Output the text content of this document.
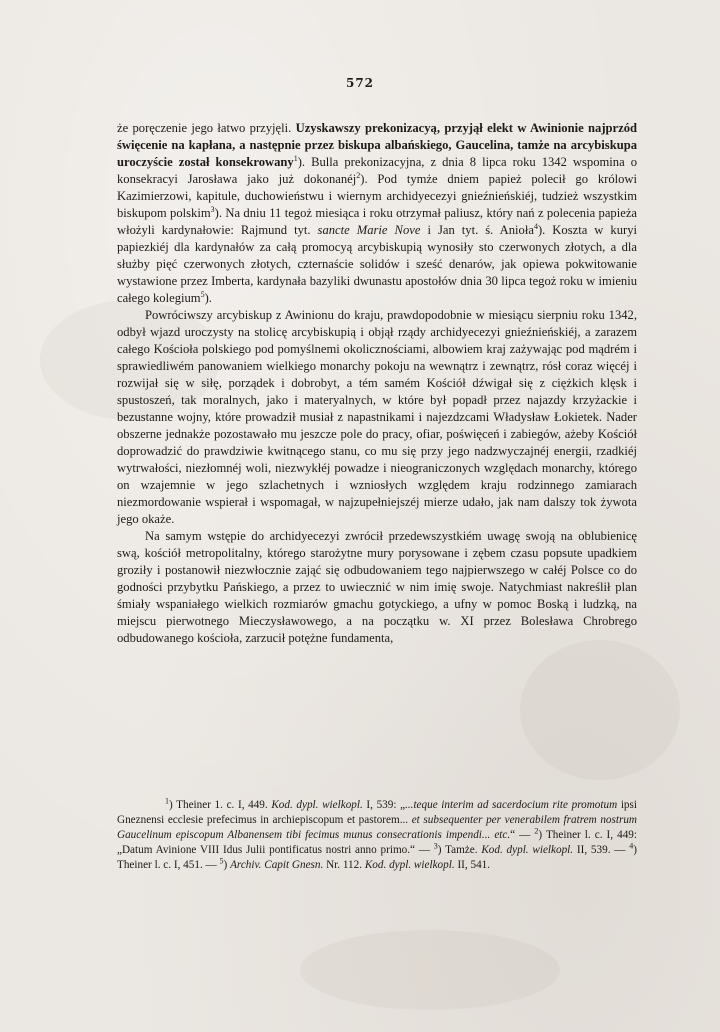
572

że poręczenie jego łatwo przyjęli. Uzyskawszy prekonizacyą, przyjął elekt w Awinionie najprzód święcenie na kapłana, a następnie przez biskupa albańskiego, Gaucelina, tamże na arcybiskupa uroczyście został konsekrowany$^1$). Bulla prekonizacyjna, z dnia 8 lipca roku 1342 wspomina o konsekracyi Jarosława jako już dokonanéj$^2$). Pod tymże dniem papież polecił go królowi Kazimierzowi, kapitule, duchowieństwu i wiernym archidyecezyi gnieźnieńskiéj, tudzież wszystkim biskupom polskim$^3$). Na dniu 11 tegoż miesiąca i roku otrzymał paliusz, który nań z polecenia papieża włożyli kardynałowie: Rajmund tyt. sancte Marie Nove i Jan tyt. ś. Anioła$^4$). Koszta w kuryi papiezkiéj dla kardynałów za całą promocyą arcybiskupią wynosiły sto czerwonych złotych, a dla służby pięć czerwonych złotych, czternaście solidów i sześć denarów, jak opiewa pokwitowanie wystawione przez Imberta, kardynała bazyliki dwunastu apostołów dnia 30 lipca tegoż roku w imieniu całego kolegium$^5$).

Powróciwszy arcybiskup z Awinionu do kraju, prawdopodobnie w miesiącu sierpniu roku 1342, odbył wjazd uroczysty na stolicę arcybiskupią i objął rządy archidyecezyi gnieźnieńskiéj, a zarazem całego Kościoła polskiego pod pomyślnemi okolicznościami, albowiem kraj zażywając pod mądrém i sprawiedliwém panowaniem wielkiego monarchy pokoju na wewnątrz i zewnątrz, rósł coraz więcéj i rozwijał się w siłę, porządek i dobrobyt, a tém samém Kościół dźwigał się z ciężkich klęsk i spustoszeń, tak moralnych, jako i materyalnych, w które był popadł przez najazdy krzyżackie i bezustanne wojny, które prowadził musiał z napastnikami i najezdzcami Władysław Łokietek. Nader obszerne jednakże pozostawało mu jeszcze pole do pracy, ofiar, poświęceń i zabiegów, ażeby Kościół doprowadzić do prawdziwie kwitnącego stanu, co mu się przy jego nadzwyczajnéj energii, rzadkiéj wytrwałości, niezłomnéj woli, niezwykłéj powadze i nieograniczonych względach monarchy, którego on wzajemnie w jego szlachetnych i wzniosłych względem kraju rodzinnego zamiarach niezmordowanie wspierał i wspomagał, w najzupełniejszéj mierze udało, jak nam dalszy tok żywota jego okaże.

Na samym wstępie do archidyecezyi zwrócił przedewszystkiém uwagę swoją na oblubienicę swą, kościół metropolitalny, którego starożytne mury porysowane i zębem czasu popsute upadkiem groziły i postanowił niezwłocznie zająć się odbudowaniem tego najpierwszego w całéj Polsce co do godności przybytku Pańskiego, a przez to uwiecznić w nim imię swoje. Natychmiast nakreślił plan śmiały wspaniałego wielkich rozmiarów gmachu gotyckiego, a ufny w pomoc Boską i ludzką, na miejscu pierwotnego Mieczysławowego, a na początku w. XI przez Bolesława Chrobrego odbudowanego kościoła, zarzucił potężne fundamenta,

$^1$) Theiner 1. c. I, 449. Kod. dypl. wielkopl. I, 539: „...teque interim ad sacerdocium rite promotum ipsi Gneznensi ecclesie prefecimus in archiepiscopum et pastorem... et subsequenter per venerabilem fratrem nostrum Gaucelinum episcopum Albanensem tibi fecimus munus consecrationis impendi... etc.“ — $^2$) Theiner l. c. I, 449: „Datum Avinione VIII Idus Julii pontificatus nostri anno primo.“ — $^3$) Tamże. Kod. dypl. wielkopl. II, 539. — $^4$) Theiner l. c. I, 451. — $^5$) Archiv. Capit Gnesn. Nr. 112. Kod. dypl. wielkopl. II, 541.
